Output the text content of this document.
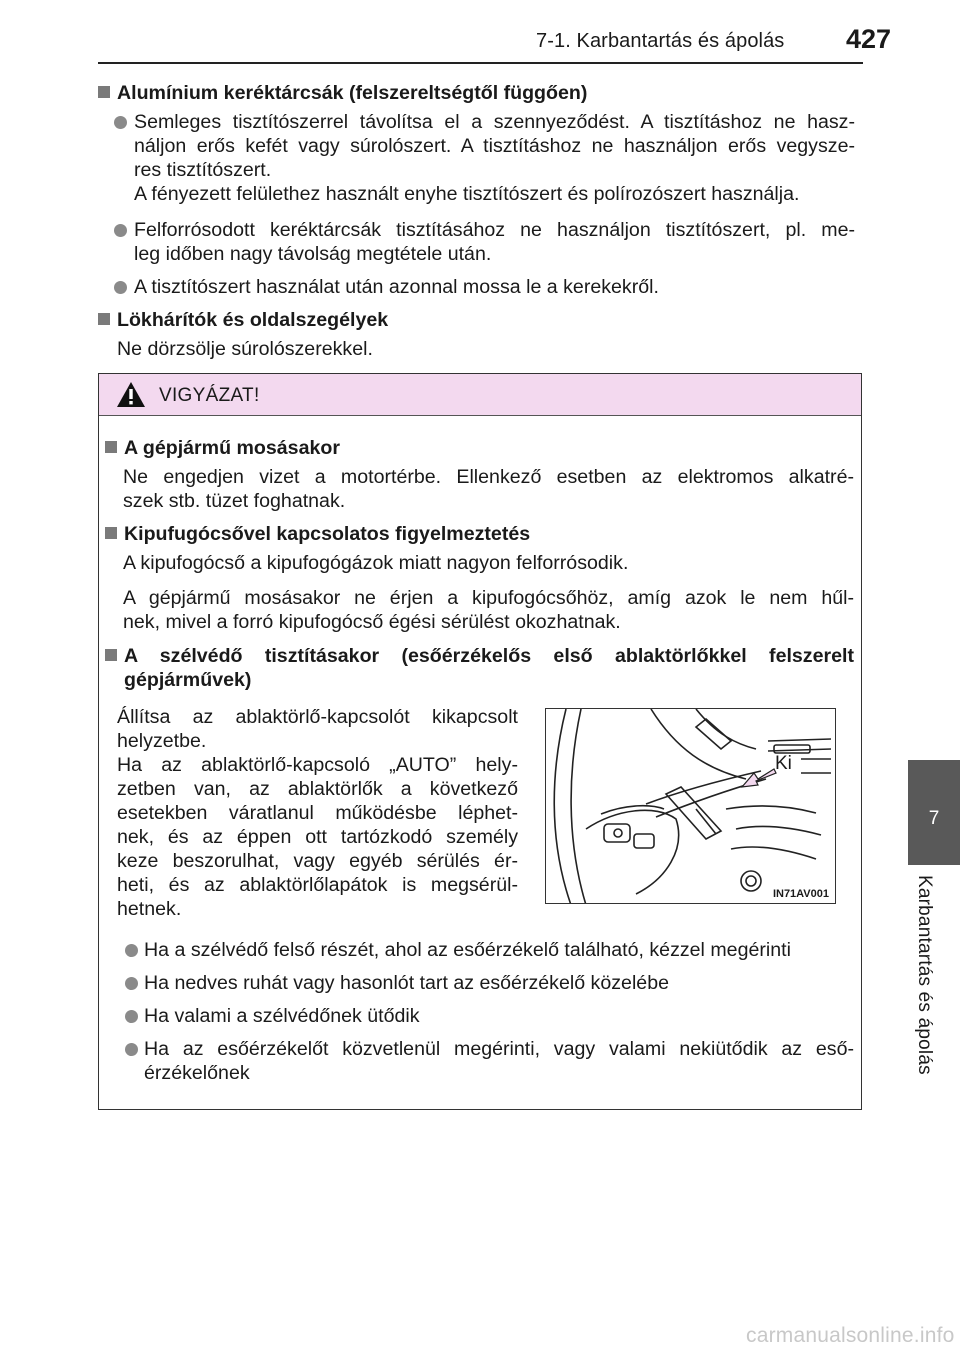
7-1. Karbantartás és ápolás 427
7
Karbantartás és ápolás
Alumínium keréktárcsák (felszereltségtől függően)
Semleges tisztítószerrel távolítsa el a szennyeződést. A tisztításhoz ne hasz-
náljon erős kefét vagy súrolószert. A tisztításhoz ne használjon erős vegysze-
res tisztítószert.
A fényezett felülethez használt enyhe tisztítószert és polírozószert használja.
Felforrósodott keréktárcsák tisztításához ne használjon tisztítószert, pl. me-
leg időben nagy távolság megtétele után.
A tisztítószert használat után azonnal mossa le a kerekekről.
Lökhárítók és oldalszegélyek
Ne dörzsölje súrolószerekkel.
VIGYÁZAT!
A gépjármű mosásakor
Ne engedjen vizet a motortérbe. Ellenkező esetben az elektromos alkatré-
szek stb. tüzet foghatnak.
Kipufugócsővel kapcsolatos figyelmeztetés
A kipufogócső a kipufogógázok miatt nagyon felforrósodik.
A gépjármű mosásakor ne érjen a kipufogócsőhöz, amíg azok le nem hűl-
nek, mivel a forró kipufogócső égési sérülést okozhatnak.
A szélvédő tisztításakor (esőérzékelős első ablaktörlőkkel felszerelt
gépjárművek)
Állítsa az ablaktörlő-kapcsolót kikapcsolt
helyzetbe.
Ha az ablaktörlő-kapcsoló „AUTO” hely-
zetben van, az ablaktörlők a következő
esetekben váratlanul működésbe léphet-
nek, és az éppen ott tartózkodó személy
keze beszorulhat, vagy egyéb sérülés ér-
heti, és az ablaktörlőlapátok is megsérül-
hetnek.
Ki
IN71AV001
Ha a szélvédő felső részét, ahol az esőérzékelő található, kézzel megérinti
Ha nedves ruhát vagy hasonlót tart az esőérzékelő közelébe
Ha valami a szélvédőnek ütődik
Ha az esőérzékelőt közvetlenül megérinti, vagy valami nekiütődik az eső-
érzékelőnek
carmanualsonline.info
